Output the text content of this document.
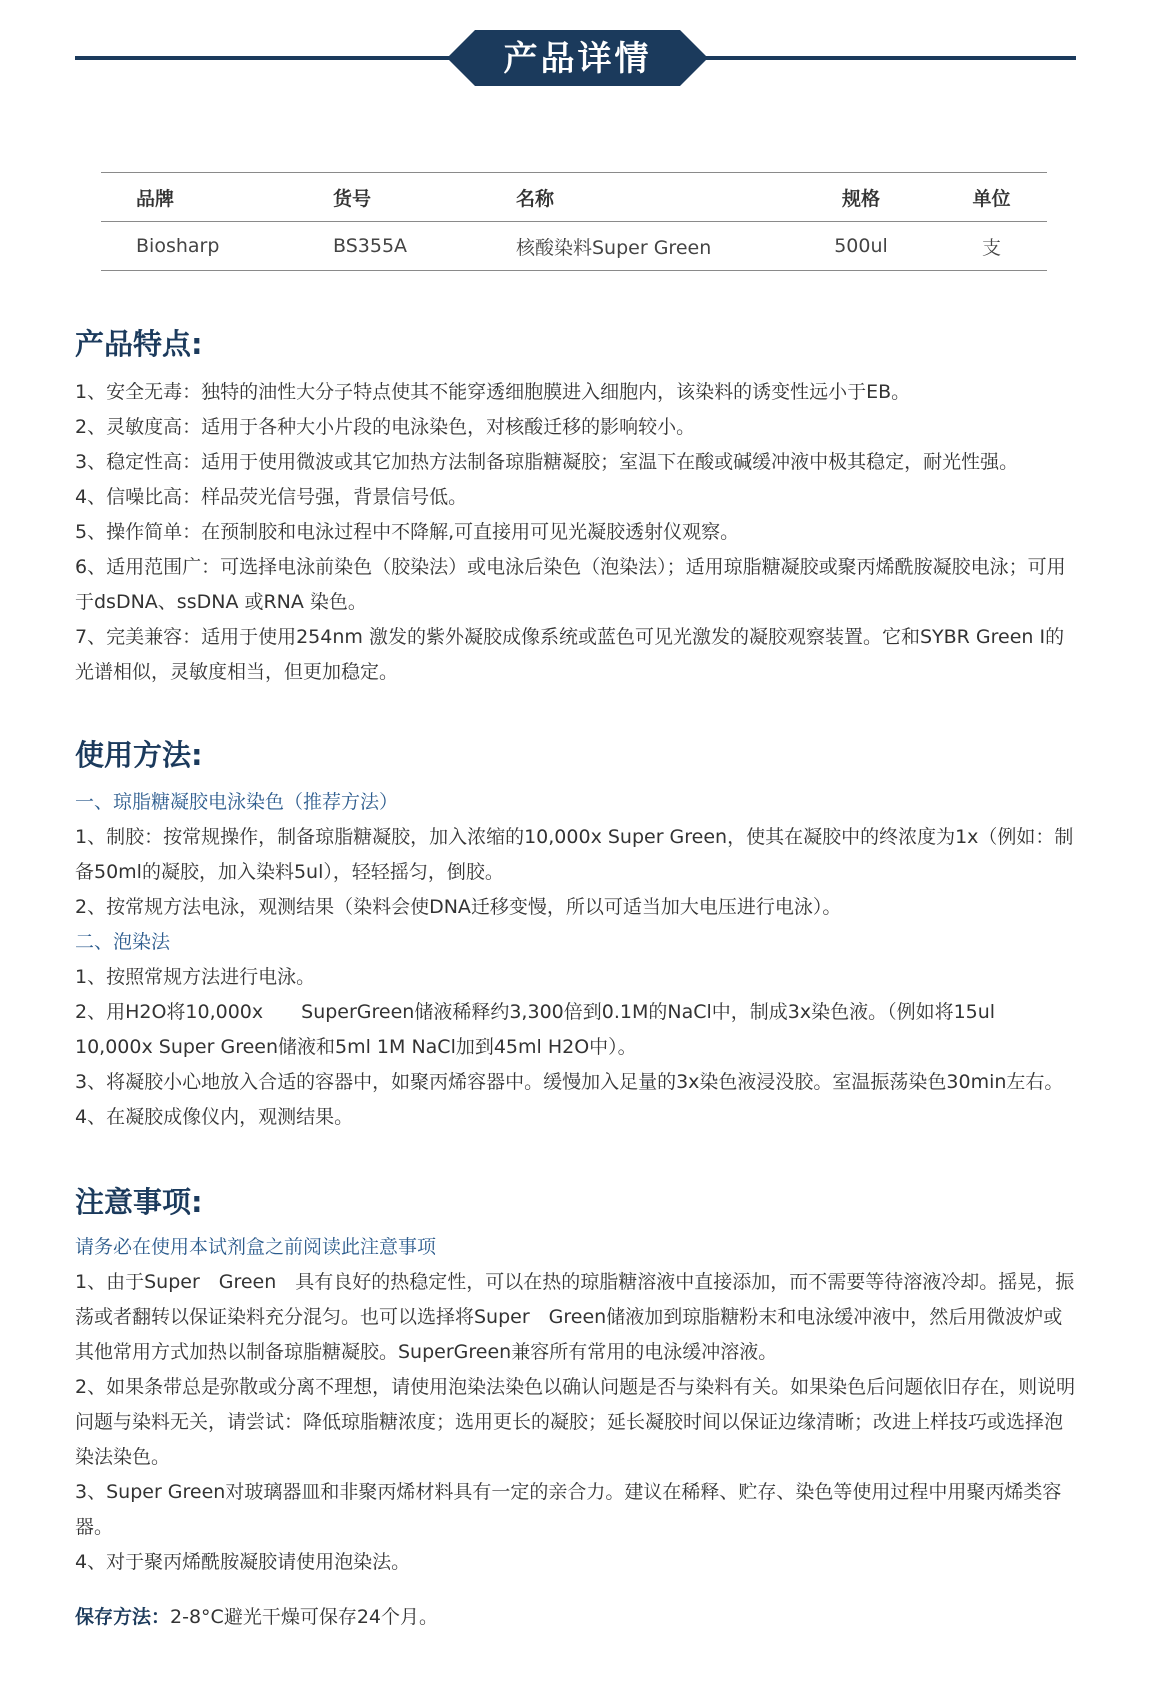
产品详情
品牌	货号	名称	规格	单位
Biosharp	BS355A	核酸染料Super Green	500ul	支
产品特点:

1、安全无毒：独特的油性大分子特点使其不能穿透细胞膜进入细胞内，该染料的诱变性远小于EB。

2、灵敏度高：适用于各种大小片段的电泳染色，对核酸迁移的影响较小。

3、稳定性高：适用于使用微波或其它加热方法制备琼脂糖凝胶；室温下在酸或碱缓冲液中极其稳定，耐光性强。

4、信噪比高：样品荧光信号强，背景信号低。

5、操作简单：在预制胶和电泳过程中不降解,可直接用可见光凝胶透射仪观察。

6、适用范围广：可选择电泳前染色（胶染法）或电泳后染色（泡染法）；适用琼脂糖凝胶或聚丙烯酰胺凝胶电泳；可用于dsDNA、ssDNA 或RNA 染色。

7、完美兼容：适用于使用254nm 激发的紫外凝胶成像系统或蓝色可见光激发的凝胶观察装置。它和SYBR Green I的光谱相似，灵敏度相当，但更加稳定。

使用方法:

一、琼脂糖凝胶电泳染色（推荐方法）

1、制胶：按常规操作，制备琼脂糖凝胶，加入浓缩的10,000x Super Green，使其在凝胶中的终浓度为1x（例如：制备50ml的凝胶，加入染料5ul），轻轻摇匀，倒胶。

2、按常规方法电泳，观测结果（染料会使DNA迁移变慢，所以可适当加大电压进行电泳）。

二、泡染法

1、按照常规方法进行电泳。

2、用H2O将10,000x　　SuperGreen储液稀释约3,300倍到0.1M的NaCl中，制成3x染色液。（例如将15ul　　10,000x Super Green储液和5ml 1M NaCl加到45ml H2O中）。

3、将凝胶小心地放入合适的容器中，如聚丙烯容器中。缓慢加入足量的3x染色液浸没胶。室温振荡染色30min左右。

4、在凝胶成像仪内，观测结果。

注意事项:

请务必在使用本试剂盒之前阅读此注意事项

1、由于Super　Green　具有良好的热稳定性，可以在热的琼脂糖溶液中直接添加，而不需要等待溶液冷却。摇晃，振荡或者翻转以保证染料充分混匀。也可以选择将Super　Green储液加到琼脂糖粉末和电泳缓冲液中，然后用微波炉或其他常用方式加热以制备琼脂糖凝胶。SuperGreen兼容所有常用的电泳缓冲溶液。

2、如果条带总是弥散或分离不理想，请使用泡染法染色以确认问题是否与染料有关。如果染色后问题依旧存在，则说明问题与染料无关，请尝试：降低琼脂糖浓度；选用更长的凝胶；延长凝胶时间以保证边缘清晰；改进上样技巧或选择泡染法染色。

3、Super Green对玻璃器皿和非聚丙烯材料具有一定的亲合力。建议在稀释、贮存、染色等使用过程中用聚丙烯类容器。

4、对于聚丙烯酰胺凝胶请使用泡染法。

保存方法：2-8°C避光干燥可保存24个月。
